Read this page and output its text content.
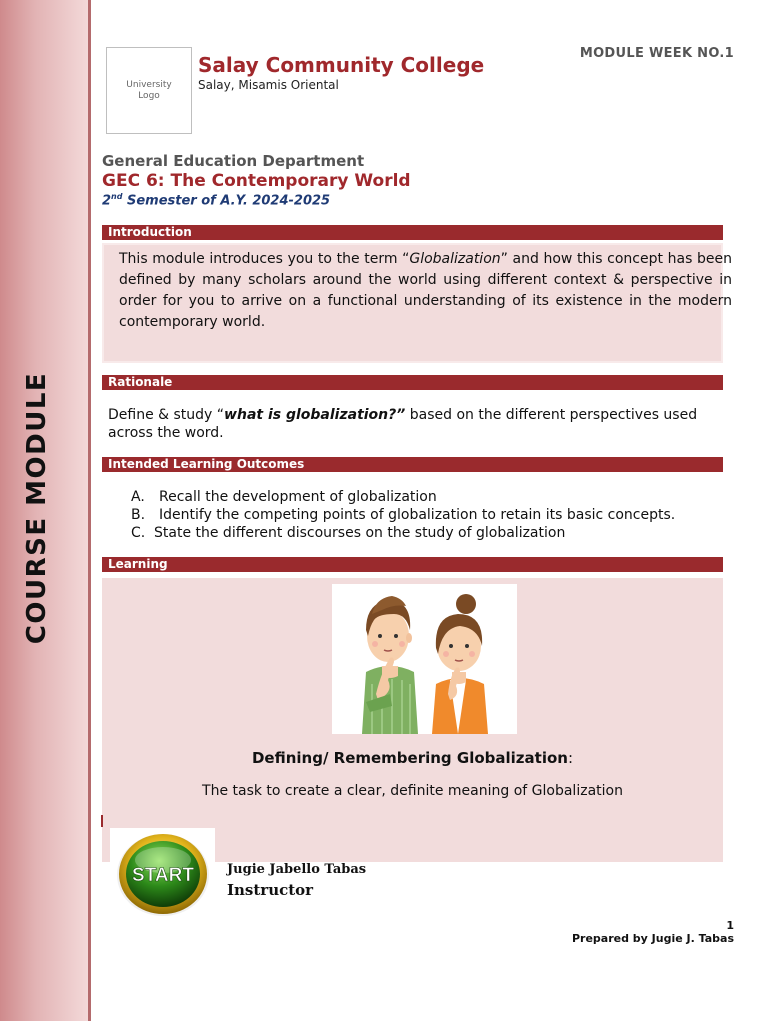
COURSE MODULE
University
Logo
Salay Community College
Salay, Misamis Oriental
MODULE WEEK NO.1
General Education Department
GEC 6: The Contemporary World
2nd Semester of A.Y. 2024-2025
Introduction

This module introduces you to the term “Globalization” and how this concept has been defined by many scholars around the world using different context & perspective in order for you to arrive on a functional understanding of its existence in the modern contemporary world.

Rationale

Define & study “what is globalization?” based on the different perspectives used across the word.

Intended Learning Outcomes
A.	Recall the development of globalization
B. Identify the competing points of globalization to retain its basic concepts.
C. State the different discourses on the study of globalization
Learning
Defining/ Remembering Globalization:
The task to create a clear, definite meaning of Globalization
START	Jugie Jabello Tabas
Instructor
1
Prepared by Jugie J. Tabas
